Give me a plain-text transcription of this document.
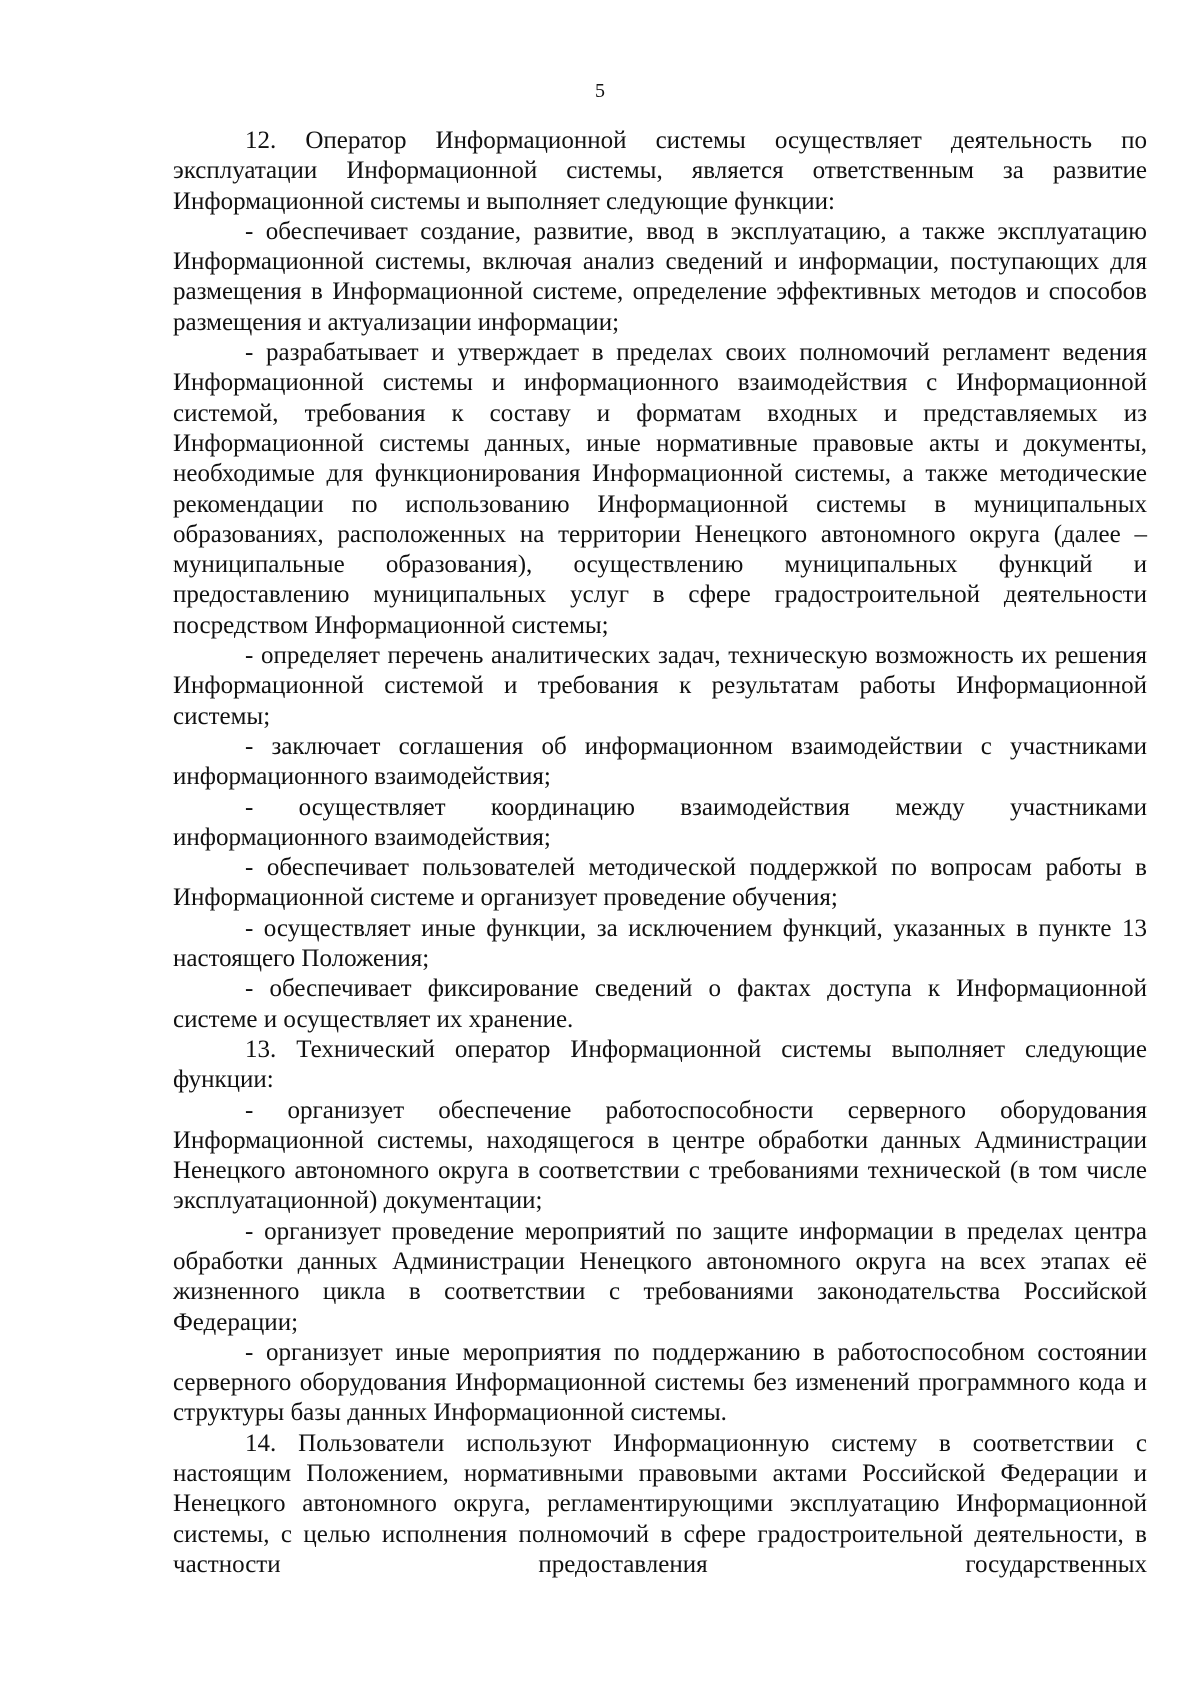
5

12. Оператор Информационной системы осуществляет деятельность по эксплуатации Информационной системы, является ответственным за развитие Информационной системы и выполняет следующие функции:

- обеспечивает создание, развитие, ввод в эксплуатацию, а также эксплуатацию Информационной системы, включая анализ сведений и информации, поступающих для размещения в Информационной системе, определение эффективных методов и способов размещения и актуализации информации;

- разрабатывает и утверждает в пределах своих полномочий регламент ведения Информационной системы и информационного взаимодействия с Информационной системой, требования к составу и форматам входных и представляемых из Информационной системы данных, иные нормативные правовые акты и документы, необходимые для функционирования Информационной системы, а также методические рекомендации по использованию Информационной системы в муниципальных образованиях, расположенных на территории Ненецкого автономного округа (далее – муниципальные образования), осуществлению муниципальных функций и предоставлению муниципальных услуг в сфере градостроительной деятельности посредством Информационной системы;

- определяет перечень аналитических задач, техническую возможность их решения Информационной системой и требования к результатам работы Информационной системы;

- заключает соглашения об информационном взаимодействии с участниками информационного взаимодействия;

- осуществляет координацию взаимодействия между участниками информационного взаимодействия;

- обеспечивает пользователей методической поддержкой по вопросам работы в Информационной системе и организует проведение обучения;

- осуществляет иные функции, за исключением функций, указанных в пункте 13 настоящего Положения;

- обеспечивает фиксирование сведений о фактах доступа к Информационной системе и осуществляет их хранение.

13. Технический оператор Информационной системы выполняет следующие функции:

- организует обеспечение работоспособности серверного оборудования Информационной системы, находящегося в центре обработки данных Администрации Ненецкого автономного округа в соответствии с требованиями технической (в том числе эксплуатационной) документации;

- организует проведение мероприятий по защите информации в пределах центра обработки данных Администрации Ненецкого автономного округа на всех этапах её жизненного цикла в соответствии с требованиями законодательства Российской Федерации;

- организует иные мероприятия по поддержанию в работоспособном состоянии серверного оборудования Информационной системы без изменений программного кода и структуры базы данных Информационной системы.

14. Пользователи используют Информационную систему в соответствии с настоящим Положением, нормативными правовыми актами Российской Федерации и Ненецкого автономного округа, регламентирующими эксплуатацию Информационной системы, с целью исполнения полномочий в сфере градостроительной деятельности, в частности предоставления государственных
